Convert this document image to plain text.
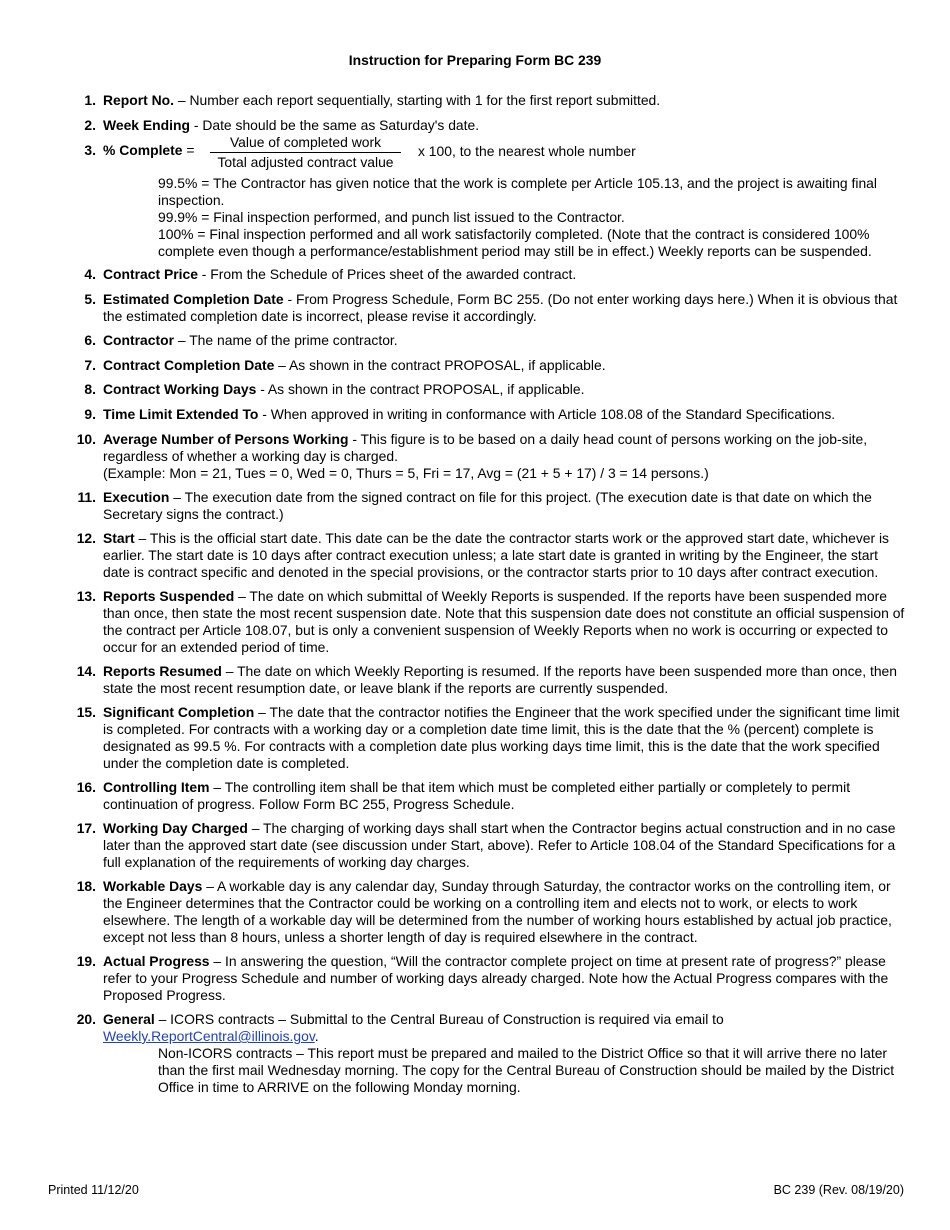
Instruction for Preparing Form BC 239
1. Report No. – Number each report sequentially, starting with 1 for the first report submitted.
2. Week Ending - Date should be the same as Saturday's date.
3. % Complete =	Value of completed work
Total adjusted contract value
x 100, to the nearest whole number
99.5% = The Contractor has given notice that the work is complete per Article 105.13, and the project is awaiting final inspection.
99.9% = Final inspection performed, and punch list issued to the Contractor.
100% = Final inspection performed and all work satisfactorily completed. (Note that the contract is considered 100% complete even though a performance/establishment period may still be in effect.) Weekly reports can be suspended.
4. Contract Price - From the Schedule of Prices sheet of the awarded contract.
5. Estimated Completion Date - From Progress Schedule, Form BC 255. (Do not enter working days here.) When it is obvious that the estimated completion date is incorrect, please revise it accordingly.
6. Contractor – The name of the prime contractor.
7. Contract Completion Date – As shown in the contract PROPOSAL, if applicable.
8. Contract Working Days - As shown in the contract PROPOSAL, if applicable.
9. Time Limit Extended To - When approved in writing in conformance with Article 108.08 of the Standard Specifications.
10. Average Number of Persons Working - This figure is to be based on a daily head count of persons working on the job-site, regardless of whether a working day is charged.
(Example: Mon = 21, Tues = 0, Wed = 0, Thurs = 5, Fri = 17, Avg = (21 + 5 + 17) / 3 = 14 persons.)
11. Execution – The execution date from the signed contract on file for this project. (The execution date is that date on which the Secretary signs the contract.)
12. Start – This is the official start date. This date can be the date the contractor starts work or the approved start date, whichever is earlier. The start date is 10 days after contract execution unless; a late start date is granted in writing by the Engineer, the start date is contract specific and denoted in the special provisions, or the contractor starts prior to 10 days after contract execution.
13. Reports Suspended – The date on which submittal of Weekly Reports is suspended. If the reports have been suspended more than once, then state the most recent suspension date. Note that this suspension date does not constitute an official suspension of the contract per Article 108.07, but is only a convenient suspension of Weekly Reports when no work is occurring or expected to occur for an extended period of time.
14. Reports Resumed – The date on which Weekly Reporting is resumed. If the reports have been suspended more than once, then state the most recent resumption date, or leave blank if the reports are currently suspended.
15. Significant Completion – The date that the contractor notifies the Engineer that the work specified under the significant time limit is completed. For contracts with a working day or a completion date time limit, this is the date that the % (percent) complete is designated as 99.5 %. For contracts with a completion date plus working days time limit, this is the date that the work specified under the completion date is completed.
16. Controlling Item – The controlling item shall be that item which must be completed either partially or completely to permit continuation of progress. Follow Form BC 255, Progress Schedule.
17. Working Day Charged – The charging of working days shall start when the Contractor begins actual construction and in no case later than the approved start date (see discussion under Start, above). Refer to Article 108.04 of the Standard Specifications for a full explanation of the requirements of working day charges.
18. Workable Days – A workable day is any calendar day, Sunday through Saturday, the contractor works on the controlling item, or the Engineer determines that the Contractor could be working on a controlling item and elects not to work, or elects to work elsewhere. The length of a workable day will be determined from the number of working hours established by actual job practice, except not less than 8 hours, unless a shorter length of day is required elsewhere in the contract.
19. Actual Progress – In answering the question, “Will the contractor complete project on time at present rate of progress?” please refer to your Progress Schedule and number of working days already charged. Note how the Actual Progress compares with the Proposed Progress.
20. General – ICORS contracts – Submittal to the Central Bureau of Construction is required via email to
Weekly.ReportCentral@illinois.gov.
Non-ICORS contracts – This report must be prepared and mailed to the District Office so that it will arrive there no later than the first mail Wednesday morning. The copy for the Central Bureau of Construction should be mailed by the District Office in time to ARRIVE on the following Monday morning.
Printed 11/12/20	BC 239 (Rev. 08/19/20)
